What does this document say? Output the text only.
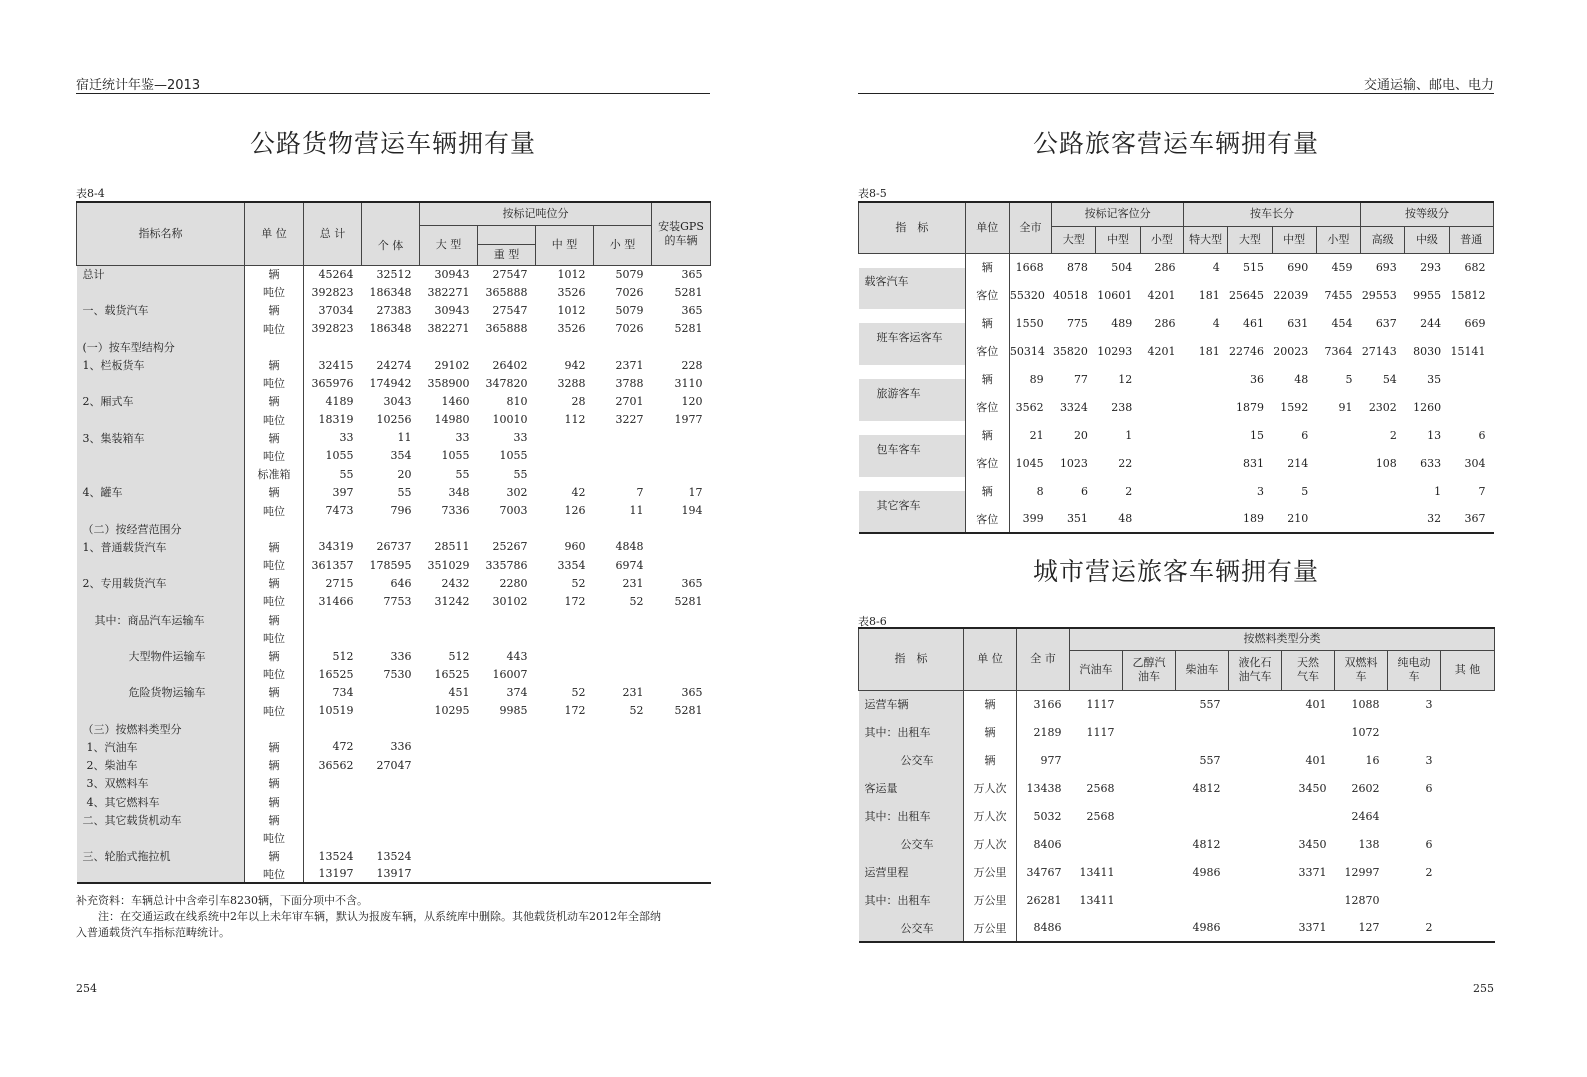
宿迁统计年鉴—2013
公路货物营运车辆拥有量
表8-4
指标名称	单 位	总 计	个 体	按标记吨位分				安装GPS的车辆
				大 型		中 型	小 型	
					重 型			
总计	辆	45264	32512	30943	27547	1012	5079	365
	吨位	392823	186348	382271	365888	3526	7026	5281
一、载货汽车	辆	37034	27383	30943	27547	1012	5079	365
	吨位	392823	186348	382271	365888	3526	7026	5281
(一）按车型结构分								
1、栏板货车	辆	32415	24274	29102	26402	942	2371	228
	吨位	365976	174942	358900	347820	3288	3788	3110
2、厢式车	辆	4189	3043	1460	810	28	2701	120
	吨位	18319	10256	14980	10010	112	3227	1977
3、集装箱车	辆	33	11	33	33			
	吨位	1055	354	1055	1055			
	标准箱	55	20	55	55			
4、罐车	辆	397	55	348	302	42	7	17
	吨位	7473	796	7336	7003	126	11	194
（二）按经营范围分								
1、普通载货汽车	辆	34319	26737	28511	25267	960	4848	
	吨位	361357	178595	351029	335786	3354	6974	
2、专用载货汽车	辆	2715	646	2432	2280	52	231	365
	吨位	31466	7753	31242	30102	172	52	5281
其中：商品汽车运输车	辆							
	吨位							
大型物件运输车	辆	512	336	512	443			
	吨位	16525	7530	16525	16007			
危险货物运输车	辆	734		451	374	52	231	365
	吨位	10519		10295	9985	172	52	5281
（三）按燃料类型分								
1、汽油车	辆	472	336					
2、柴油车	辆	36562	27047					
3、双燃料车	辆							
4、其它燃料车	辆							
二、其它载货机动车	辆							
	吨位							
三、轮胎式拖拉机	辆	13524	13524					
	吨位	13197	13917					
补充资料：车辆总计中含牵引车8230辆，下面分项中不含。
　　注：在交通运政在线系统中2年以上未年审车辆，默认为报废车辆，从系统库中删除。其他载货机动车2012年全部纳
入普通载货汽车指标范畴统计。
254
交通运输、邮电、电力
公路旅客营运车辆拥有量
表8-5
指　标	单位	全市	按标记客位分			按车长分				按等级分		
			大型	中型	小型	特大型	大型	中型	小型	高级	中级	普通
载客汽车	辆	1668	878	504	286	4	515	690	459	693	293	682
	客位	55320	40518	10601	4201	181	25645	22039	7455	29553	9955	15812
班车客运客车	辆	1550	775	489	286	4	461	631	454	637	244	669
	客位	50314	35820	10293	4201	181	22746	20023	7364	27143	8030	15141
旅游客车	辆	89	77	12			36	48	5	54	35	
	客位	3562	3324	238			1879	1592	91	2302	1260	
包车客车	辆	21	20	1			15	6		2	13	6
	客位	1045	1023	22			831	214		108	633	304
其它客车	辆	8	6	2			3	5			1	7
	客位	399	351	48			189	210			32	367
城市营运旅客车辆拥有量
表8-6
指　标	单 位	全 市	按燃料类型分类							
			汽油车	乙醇汽油车	柴油车	液化石油气车	天然气车	双燃料车	纯电动车	其 他
运营车辆	辆	3166	1117		557		401	1088	3	
其中：出租车	辆	2189	1117					1072		
公交车	辆	977			557		401	16	3	
客运量	万人次	13438	2568		4812		3450	2602	6	
其中：出租车	万人次	5032	2568					2464		
公交车	万人次	8406			4812		3450	138	6	
运营里程	万公里	34767	13411		4986		3371	12997	2	
其中：出租车	万公里	26281	13411					12870		
公交车	万公里	8486			4986		3371	127	2	
255
